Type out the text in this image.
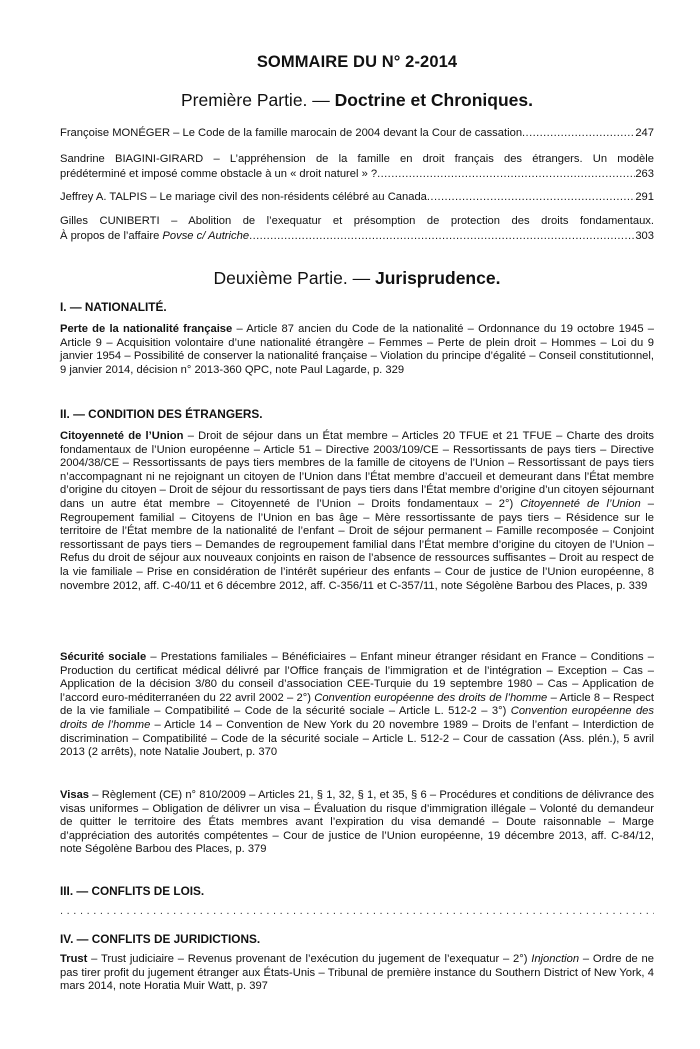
SOMMAIRE DU N° 2-2014
Première Partie. — Doctrine et Chroniques.
Françoise MONÉGER – Le Code de la famille marocain de 2004 devant la Cour de cassation .....	247
Sandrine BIAGINI-GIRARD – L’appréhension de la famille en droit français des étrangers. Un modèle
prédéterminé et imposé comme obstacle à un « droit naturel » ? .....	263
Jeffrey A. TALPIS – Le mariage civil des non-résidents célébré au Canada .....	291
Gilles CUNIBERTI – Abolition de l’exequatur et présomption de protection des droits fondamentaux.
À propos de l’affaire Povse c/ Autriche .....	303
Deuxième Partie. — Jurisprudence.
I. — NATIONALITÉ.
Perte de la nationalité française – Article 87 ancien du Code de la nationalité – Ordonnance du 19 octobre 1945 – Article 9 – Acquisition volontaire d’une nationalité étrangère – Femmes – Perte de plein droit – Hommes – Loi du 9 janvier 1954 – Possibilité de conserver la nationalité française – Violation du principe d’égalité – Conseil constitutionnel, 9 janvier 2014, décision n° 2013-360 QPC, note Paul Lagarde, p. 329
II. — CONDITION DES ÉTRANGERS.
Citoyenneté de l’Union – Droit de séjour dans un État membre – Articles 20 TFUE et 21 TFUE – Charte des droits fondamentaux de l’Union européenne – Article 51 – Directive 2003/109/CE – Ressortissants de pays tiers – Directive 2004/38/CE – Ressortissants de pays tiers membres de la famille de citoyens de l’Union – Ressortissant de pays tiers n’accompagnant ni ne rejoignant un citoyen de l’Union dans l’État membre d’accueil et demeurant dans l’État membre d’origine du citoyen – Droit de séjour du ressortissant de pays tiers dans l’État membre d’origine d’un citoyen séjournant dans un autre état membre – Citoyenneté de l’Union – Droits fondamentaux – 2°) Citoyenneté de l’Union – Regroupement familial – Citoyens de l’Union en bas âge – Mère ressortissante de pays tiers – Résidence sur le territoire de l’État membre de la nationalité de l’enfant – Droit de séjour permanent – Famille recomposée – Conjoint ressortissant de pays tiers – Demandes de regroupement familial dans l’État membre d’origine du citoyen de l’Union – Refus du droit de séjour aux nouveaux conjoints en raison de l’absence de ressources suffisantes – Droit au respect de la vie familiale – Prise en considération de l’intérêt supérieur des enfants – Cour de justice de l’Union européenne, 8 novembre 2012, aff. C-40/11 et 6 décembre 2012, aff. C-356/11 et C-357/11, note Ségolène Barbou des Places, p. 339
Sécurité sociale – Prestations familiales – Bénéficiaires – Enfant mineur étranger résidant en France – Conditions – Production du certificat médical délivré par l’Office français de l’immigration et de l’intégration – Exception – Cas – Application de la décision 3/80 du conseil d’association CEE-Turquie du 19 septembre 1980 – Cas – Application de l’accord euro-méditerranéen du 22 avril 2002 – 2°) Convention européenne des droits de l’homme – Article 8 – Respect de la vie familiale – Compatibilité – Code de la sécurité sociale – Article L. 512-2 – 3°) Convention européenne des droits de l’homme – Article 14 – Convention de New York du 20 novembre 1989 – Droits de l’enfant – Interdiction de discrimination – Compatibilité – Code de la sécurité sociale – Article L. 512-2 – Cour de cassation (Ass. plén.), 5 avril 2013 (2 arrêts), note Natalie Joubert, p. 370
Visas – Règlement (CE) n° 810/2009 – Articles 21, § 1, 32, § 1, et 35, § 6 – Procédures et conditions de délivrance des visas uniformes – Obligation de délivrer un visa – Évaluation du risque d’immigration illégale – Volonté du demandeur de quitter le territoire des États membres avant l’expiration du visa demandé – Doute raisonnable – Marge d’appréciation des autorités compétentes – Cour de justice de l’Union européenne, 19 décembre 2013, aff. C-84/12, note Ségolène Barbou des Places, p. 379
III. — CONFLITS DE LOIS.
.....
IV. — CONFLITS DE JURIDICTIONS.
Trust – Trust judiciaire – Revenus provenant de l’exécution du jugement de l’exequatur – 2°) Injonction – Ordre de ne pas tirer profit du jugement étranger aux États-Unis – Tribunal de première instance du Southern District of New York, 4 mars 2014, note Horatia Muir Watt, p. 397
